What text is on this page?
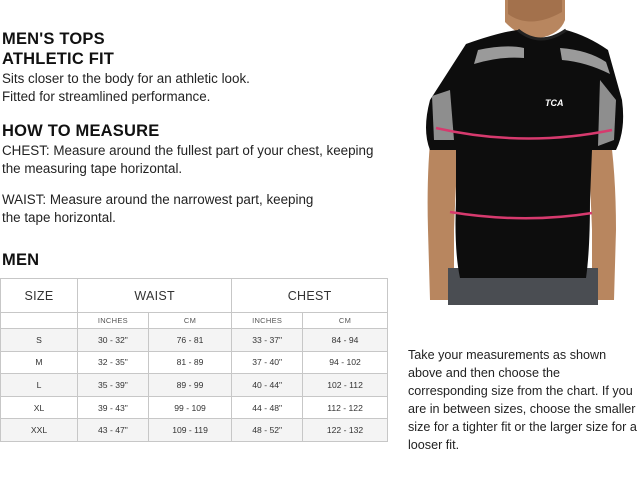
MEN'S TOPS
ATHLETIC FIT
Sits closer to the body for an athletic look.
Fitted for streamlined performance.
HOW TO MEASURE
CHEST: Measure around the fullest part of your chest, keeping
the measuring tape horizontal.
WAIST: Measure around the narrowest part, keeping
the tape horizontal.
MEN
SIZE	WAIST		CHEST	
	INCHES	CM	INCHES	CM
S	30 - 32"	76 - 81	33 - 37"	84 - 94
M	32 - 35"	81 - 89	37 - 40"	94 - 102
L	35 - 39"	89 - 99	40 - 44"	102 - 112
XL	39 - 43"	99 - 109	44 - 48"	112 - 122
XXL	43 - 47"	109 - 119	48 - 52"	122 - 132
TCA
Take your measurements as shown above and then choose the corresponding size from the chart. If you are in between sizes, choose the smaller size for a tighter fit or the larger size for a looser fit.
